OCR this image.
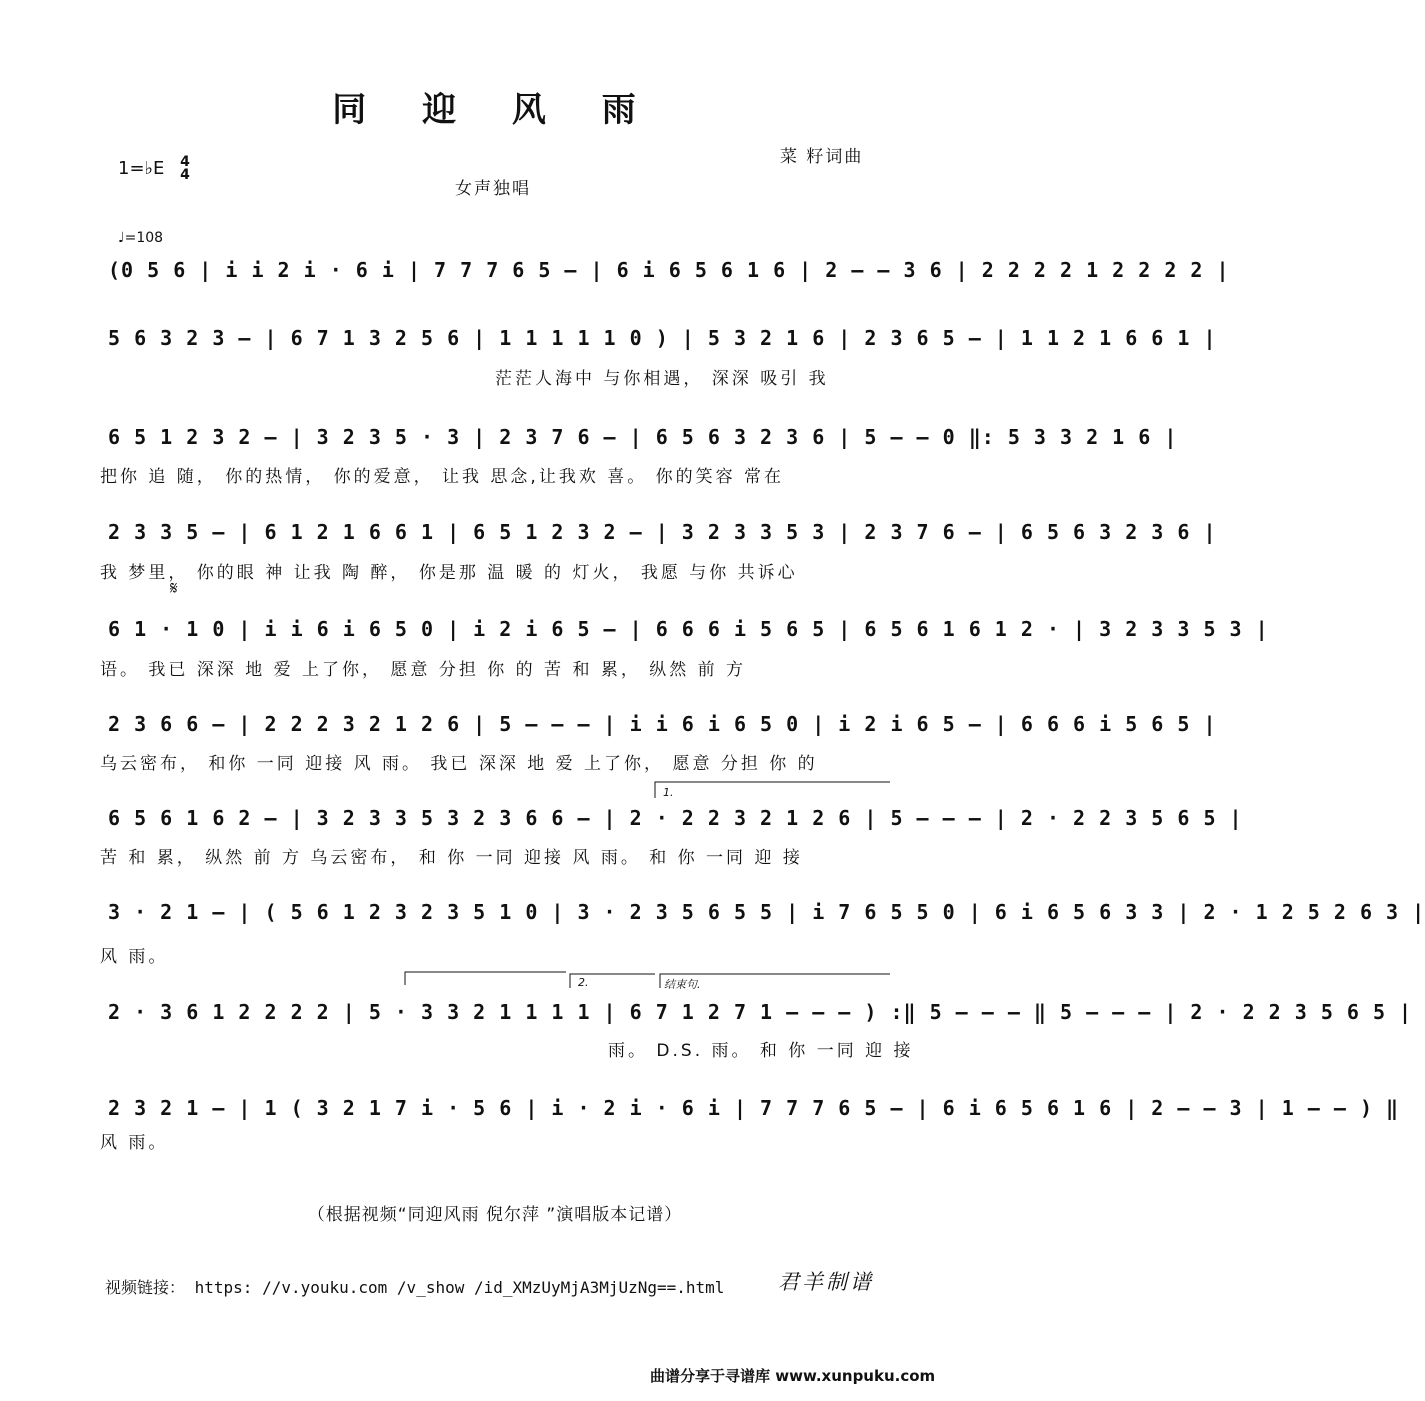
同 迎 风 雨
1=♭E 4
4
菜 籽词曲
女声独唱
♩=108
𝄋
1.
2.	结束句.
(0 5 6 | i i 2 i · 6 i | 7 7 7 6 5 – | 6 i 6 5 6 1 6 | 2 – – 3 6 | 2 2 2 2 1 2 2 2 2 |
5 6 3 2 3 – | 6 7 1 3 2 5 6 | 1 1 1 1 1 0 ) | 5 3 2 1 6 | 2 3 6 5 – | 1 1 2 1 6 6 1 |
茫茫人海中 与你相遇， 深深 吸引 我
6 5 1 2 3 2 – | 3 2 3 5 · 3 | 2 3 7 6 – | 6 5 6 3 2 3 6 | 5 – – 0 ‖: 5 3 3 2 1 6 |
把你 追 随， 你的热情， 你的爱意， 让我 思念,让我欢 喜。 你的笑容 常在
2 3 3 5 – | 6 1 2 1 6 6 1 | 6 5 1 2 3 2 – | 3 2 3 3 5 3 | 2 3 7 6 – | 6 5 6 3 2 3 6 |
我 梦里， 你的眼 神 让我 陶 醉， 你是那 温 暖 的 灯火， 我愿 与你 共诉心
6 1 · 1 0 | i i 6 i 6 5 0 | i 2 i 6 5 – | 6 6 6 i 5 6 5 | 6 5 6 1 6 1 2 · | 3 2 3 3 5 3 |
语。 我已 深深 地 爱 上了你， 愿意 分担 你 的 苦 和 累， 纵然 前 方
2 3 6 6 – | 2 2 2 3 2 1 2 6 | 5 – – – | i i 6 i 6 5 0 | i 2 i 6 5 – | 6 6 6 i 5 6 5 |
乌云密布， 和你 一同 迎接 风 雨。 我已 深深 地 爱 上了你， 愿意 分担 你 的
6 5 6 1 6 2 – | 3 2 3 3 5 3 2 3 6 6 – | 2 · 2 2 3 2 1 2 6 | 5 – – – | 2 · 2 2 3 5 6 5 |
苦 和 累， 纵然 前 方 乌云密布， 和 你 一同 迎接 风 雨。 和 你 一同 迎 接
3 · 2 1 – | ( 5 6 1 2 3 2 3 5 1 0 | 3 · 2 3 5 6 5 5 | i 7 6 5 5 0 | 6 i 6 5 6 3 3 | 2 · 1 2 5 2 6 3 |
风 雨。
2 · 3 6 1 2 2 2 2 | 5 · 3 3 2 1 1 1 1 | 6 7 1 2 7 1 – – – ) :‖ 5 – – – ‖ 5 – – – | 2 · 2 2 3 5 6 5 |
雨。 D.S. 雨。 和 你 一同 迎 接
2 3 2 1 – | 1 ( 3 2 1 7 i · 5 6 | i · 2 i · 6 i | 7 7 7 6 5 – | 6 i 6 5 6 1 6 | 2 – – 3 | 1 – – ) ‖
风 雨。
（根据视频“同迎风雨 倪尔萍 ”演唱版本记谱）
视频链接： https: //v.youku.com /v_show /id_XMzUyMjA3MjUzNg==.html	君羊制谱
曲谱分享于寻谱库 www.xunpuku.com
